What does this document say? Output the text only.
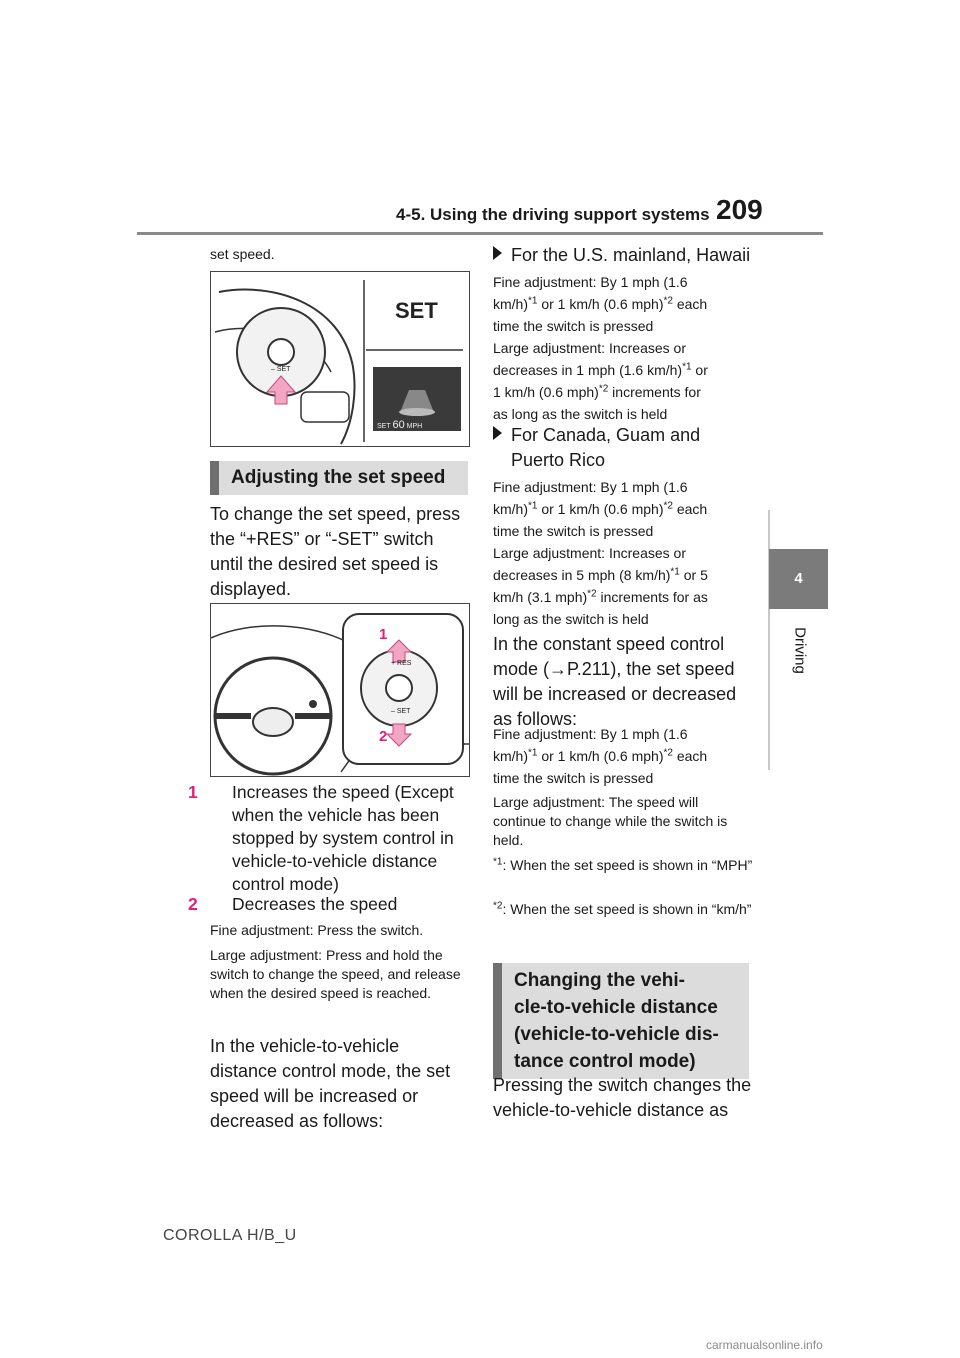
4-5. Using the driving support systems 209
4
Driving

set speed.

SET
– SET
SET 60 MPH
Adjusting the set speed

To change the set speed, press the “+RES” or “-SET” switch until the desired set speed is displayed.

1
2
+ RES
– SET
1 Increases the speed (Except when the vehicle has been stopped by system control in vehicle-to-vehicle distance control mode)
2 Decreases the speed

Fine adjustment: Press the switch.

Large adjustment: Press and hold the switch to change the speed, and release when the desired speed is reached.

In the vehicle-to-vehicle distance control mode, the set speed will be increased or decreased as follows:

For the U.S. mainland, Hawaii
Fine adjustment: By 1 mph (1.6
km/h)$^{*1}$ or 1 km/h (0.6 mph)$^{*2}$ each
time the switch is pressed
Large adjustment: Increases or
decreases in 1 mph (1.6 km/h)$^{*1}$ or
1 km/h (0.6 mph)$^{*2}$ increments for
as long as the switch is held
For Canada, Guam and Puerto Rico
Fine adjustment: By 1 mph (1.6
km/h)$^{*1}$ or 1 km/h (0.6 mph)$^{*2}$ each
time the switch is pressed
Large adjustment: Increases or
decreases in 5 mph (8 km/h)$^{*1}$ or 5
km/h (3.1 mph)$^{*2}$ increments for as
long as the switch is held

In the constant speed control mode (→P.211), the set speed will be increased or decreased as follows:

Fine adjustment: By 1 mph (1.6
km/h)$^{*1}$ or 1 km/h (0.6 mph)$^{*2}$ each
time the switch is pressed

Large adjustment: The speed will continue to change while the switch is held.

$^{*1}$: When the set speed is shown in “MPH”
$^{*2}$: When the set speed is shown in “km/h”
Changing the vehi-
cle-to-vehicle distance
(vehicle-to-vehicle dis-
tance control mode)

Pressing the switch changes the vehicle-to-vehicle distance as

COROLLA H/B_U
carmanualsonline.info
